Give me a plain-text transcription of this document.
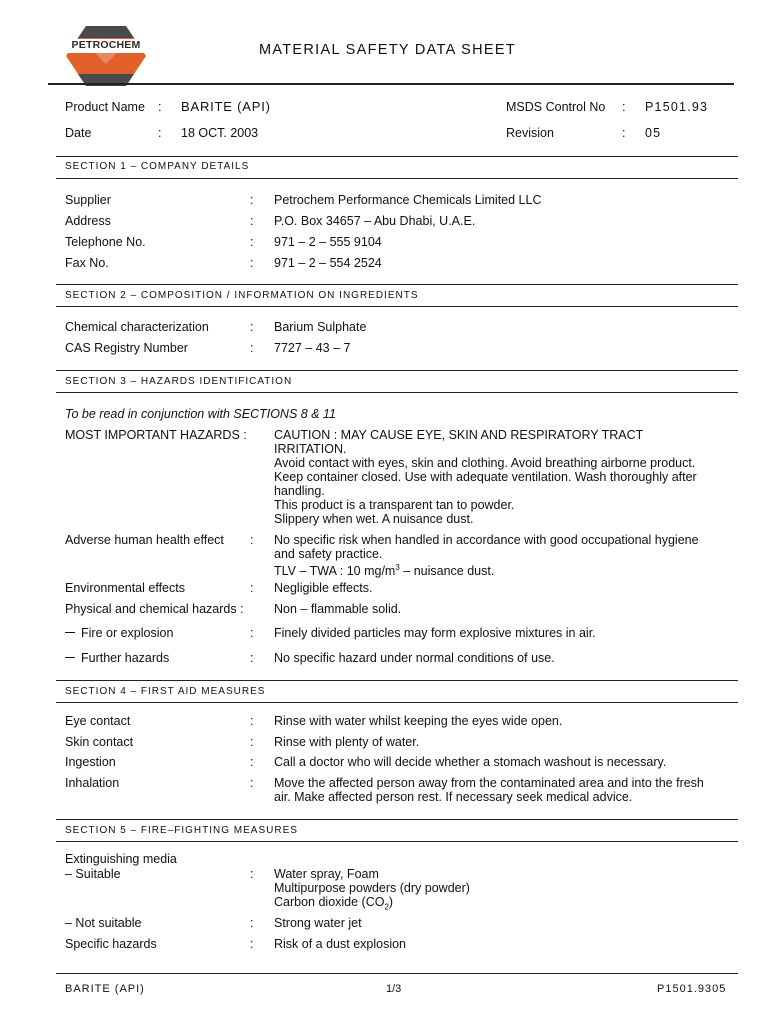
PETROCHEM	MATERIAL SAFETY DATA SHEET
Product Name : BARITE (API)
Date	: 18 OCT. 2003
MSDS Control No : P1501.93
Revision	: 05
SECTION 1 – COMPANY DETAILS
Supplier	: Petrochem Performance Chemicals Limited LLC
Address	: P.O. Box 34657 – Abu Dhabi, U.A.E.
Telephone No.	: 971 – 2 – 555 9104
Fax No.	: 971 – 2 – 554 2524
SECTION 2 – COMPOSITION / INFORMATION ON INGREDIENTS
Chemical characterization	: Barium Sulphate
CAS Registry Number	: 7727 – 43 – 7
SECTION 3 – HAZARDS IDENTIFICATION
To be read in conjunction with SECTIONS 8 & 11
MOST IMPORTANT HAZARDS : CAUTION : MAY CAUSE EYE, SKIN AND RESPIRATORY TRACT
IRRITATION.
Avoid contact with eyes, skin and clothing. Avoid breathing airborne product.
Keep container closed. Use with adequate ventilation. Wash thoroughly after
handling.
This product is a transparent tan to powder.
Slippery when wet. A nuisance dust.
Adverse human health effect : No specific risk when handled in accordance with good occupational hygiene
and safety practice.
TLV – TWA : 10 $mg/m^3$ – nuisance dust.
Environmental effects	: Negligible effects.
Physical and chemical hazards : Non – flammable solid.
Fire or explosion	: Finely divided particles may form explosive mixtures in air.
Further hazards	: No specific hazard under normal conditions of use.
SECTION 4 – FIRST AID MEASURES
Eye contact	: Rinse with water whilst keeping the eyes wide open.
Skin contact	: Rinse with plenty of water.
Ingestion	: Call a doctor who will decide whether a stomach washout is necessary.
Inhalation	: Move the affected person away from the contaminated area and into the fresh
air. Make affected person rest. If necessary seek medical advice.
SECTION 5 – FIRE–FIGHTING MEASURES
Extinguishing media
– Suitable	: Water spray, Foam
Multipurpose powders (dry powder)
Carbon dioxide $(CO_2)$
– Not suitable	: Strong water jet
Specific hazards	: Risk of a dust explosion
BARITE (API)	1/3	P1501.9305
